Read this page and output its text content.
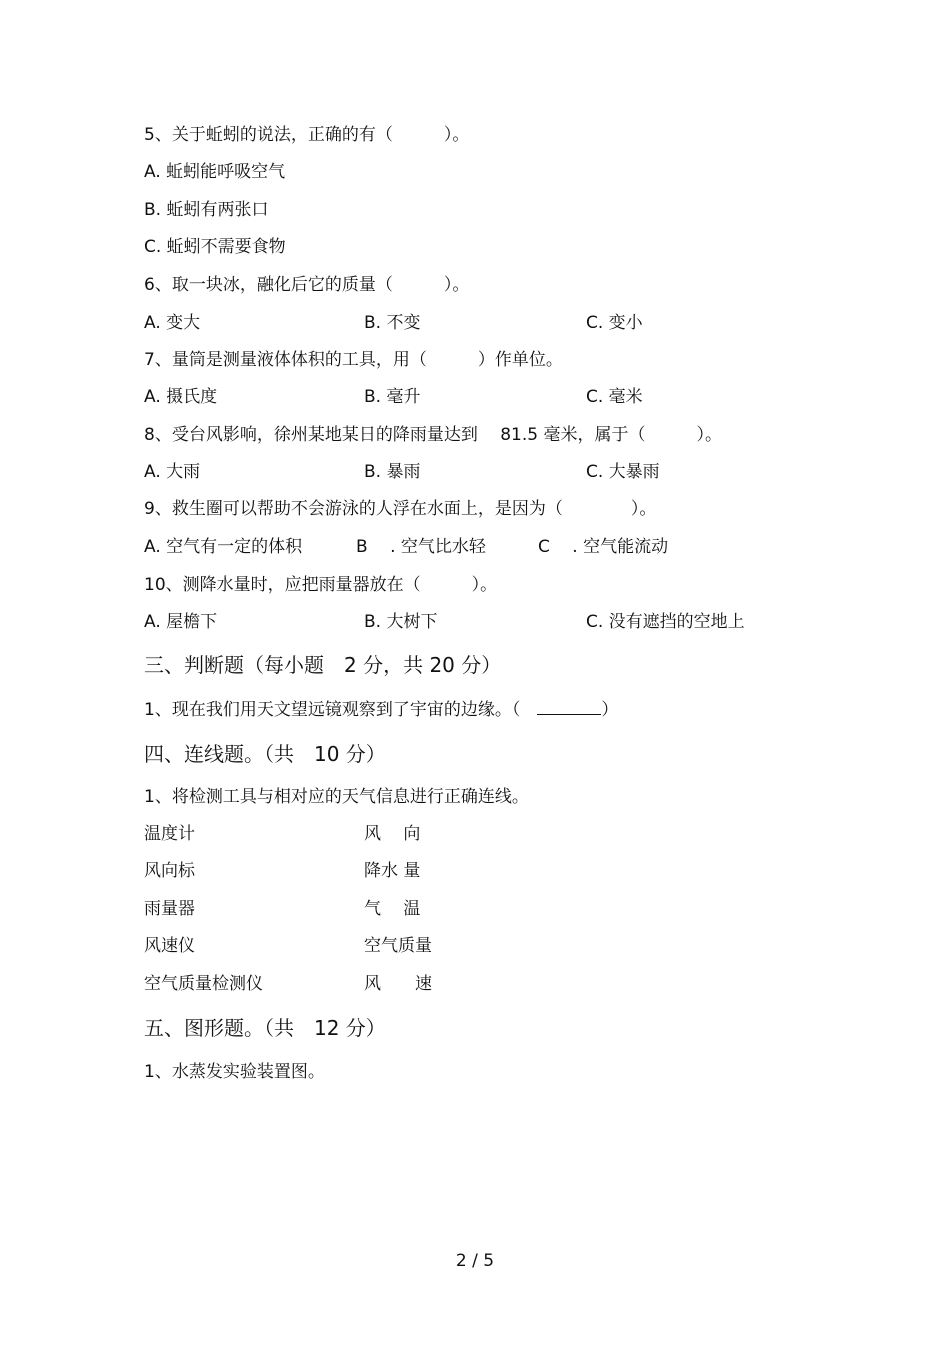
5、关于蚯蚓的说法，正确的有（　　　）。
A. 蚯蚓能呼吸空气
B. 蚯蚓有两张口
C. 蚯蚓不需要食物
6、取一块冰，融化后它的质量（　　　）。
A. 变大	B. 不变	C. 变小
7、量筒是测量液体体积的工具，用（　　　）作单位。
A. 摄氏度	B. 毫升	C. 毫米
8、受台风影响，徐州某地某日的降雨量达到　 81.5 毫米，属于（　　　）。
A. 大雨	B. 暴雨	C. 大暴雨
9、救生圈可以帮助不会游泳的人浮在水面上，是因为（　　　　）。
A. 空气有一定的体积	B　 . 空气比水轻	C　 . 空气能流动
10、测降水量时，应把雨量器放在（　　　）。
A. 屋檐下	B. 大树下	C. 没有遮挡的空地上
三、判断题（每小题　2 分，共 20 分）
1、现在我们用天文望远镜观察到了宇宙的边缘。（ 	）
四、连线题。（共　10 分）
1、将检测工具与相对应的天气信息进行正确连线。
温度计	风　 向
风向标	降水 量
雨量器	气　 温
风速仪	空气质量
空气质量检测仪	风　　速
五、图形题。（共　12 分）
1、水蒸发实验装置图。
2 / 5
